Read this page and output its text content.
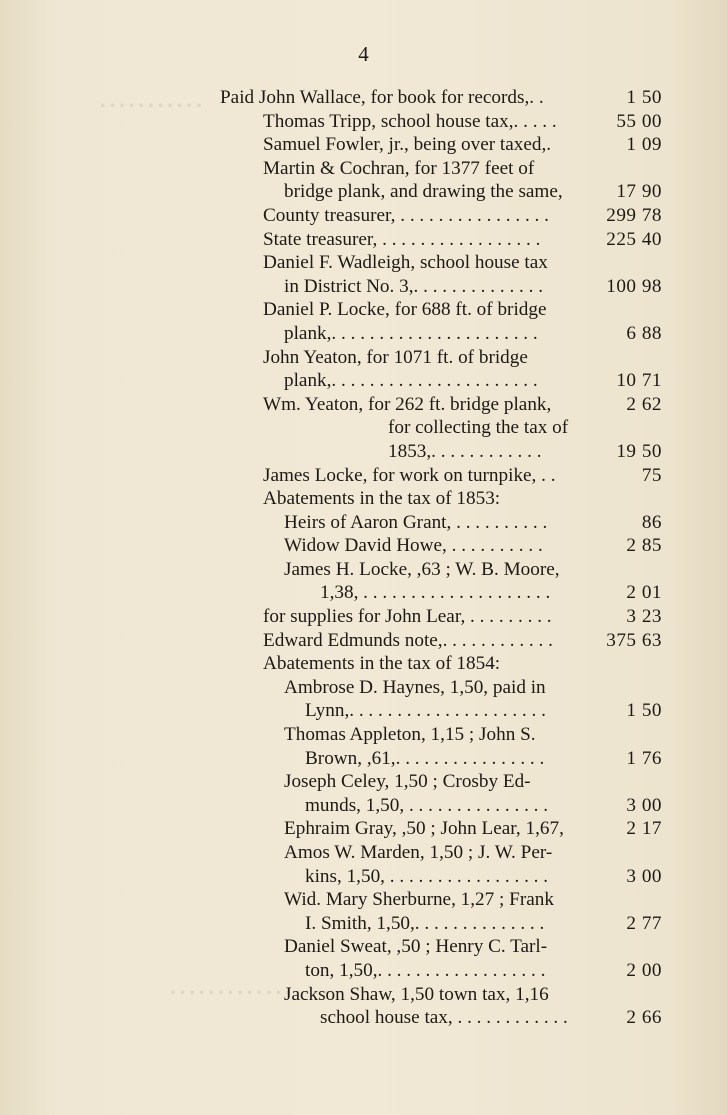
• • • • • • • • • • •
• • • • • • • • • • • • • • • • •
4
Paid John Wallace, for book for records,. .	1 50
Thomas Tripp, school house tax,. . . . .	55 00
Samuel Fowler, jr., being over taxed,.	1 09
Martin & Cochran, for 1377 feet of
bridge plank, and drawing the same,	17 90
County treasurer, . . . . . . . . . . . . . . . .	299 78
State treasurer, . . . . . . . . . . . . . . . . .	225 40
Daniel F. Wadleigh, school house tax
in District No. 3,. . . . . . . . . . . . . .	100 98
Daniel P. Locke, for 688 ft. of bridge
plank,. . . . . . . . . . . . . . . . . . . . . .	6 88
John Yeaton, for 1071 ft. of bridge
plank,. . . . . . . . . . . . . . . . . . . . . .	10 71
Wm. Yeaton, for 262 ft. bridge plank,	2 62
for collecting the tax of
1853,. . . . . . . . . . . .	19 50
James Locke, for work on turnpike, . .	75
Abatements in the tax of 1853:
Heirs of Aaron Grant, . . . . . . . . . .	86
Widow David Howe, . . . . . . . . . .	2 85
James H. Locke, ,63 ; W. B. Moore,
1,38, . . . . . . . . . . . . . . . . . . . .	2 01
for supplies for John Lear, . . . . . . . . .	3 23
Edward Edmunds note,. . . . . . . . . . . .	375 63
Abatements in the tax of 1854:
Ambrose D. Haynes, 1,50, paid in
Lynn,. . . . . . . . . . . . . . . . . . . . .	1 50
Thomas Appleton, 1,15 ; John S.
Brown, ,61,. . . . . . . . . . . . . . . .	1 76
Joseph Celey, 1,50 ; Crosby Ed-
munds, 1,50, . . . . . . . . . . . . . . .	3 00
Ephraim Gray, ,50 ; John Lear, 1,67,	2 17
Amos W. Marden, 1,50 ; J. W. Per-
kins, 1,50, . . . . . . . . . . . . . . . . .	3 00
Wid. Mary Sherburne, 1,27 ; Frank
I. Smith, 1,50,. . . . . . . . . . . . . .	2 77
Daniel Sweat, ,50 ; Henry C. Tarl-
ton, 1,50,. . . . . . . . . . . . . . . . . .	2 00
Jackson Shaw, 1,50 town tax, 1,16
school house tax, . . . . . . . . . . . .	2 66
